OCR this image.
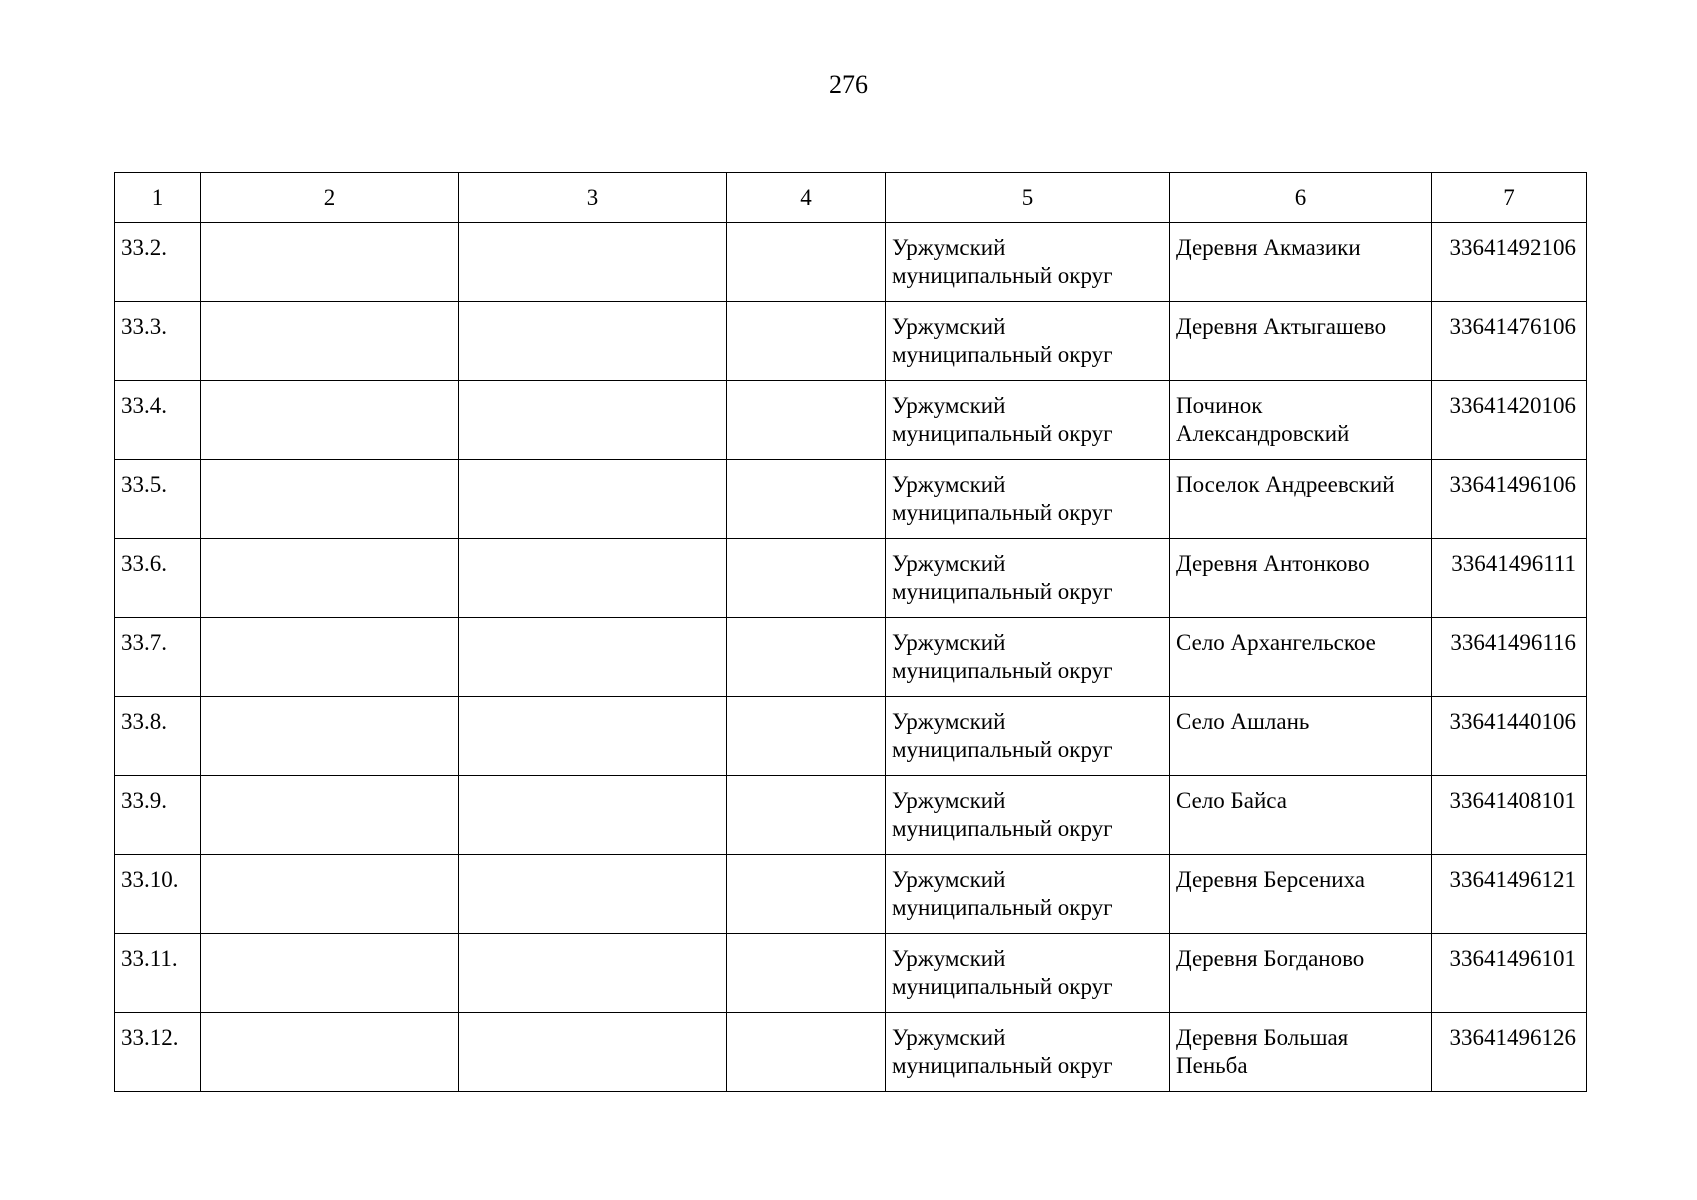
276
1	2	3	4	5	6	7

33.2.				Уржумский
муниципальный округ	Деревня Акмазики	33641492106

33.3.				Уржумский
муниципальный округ	Деревня Актыгашево	33641476106

33.4.				Уржумский
муниципальный округ	Починок
Александровский	33641420106

33.5.				Уржумский
муниципальный округ	Поселок Андреевский	33641496106

33.6.				Уржумский
муниципальный округ	Деревня Антонково	33641496111

33.7.				Уржумский
муниципальный округ	Село Архангельское	33641496116

33.8.				Уржумский
муниципальный округ	Село Ашлань	33641440106

33.9.				Уржумский
муниципальный округ	Село Байса	33641408101

33.10.				Уржумский
муниципальный округ	Деревня Берсениха	33641496121

33.11.				Уржумский
муниципальный округ	Деревня Богданово	33641496101

33.12.				Уржумский
муниципальный округ	Деревня Большая
Пеньба	33641496126
